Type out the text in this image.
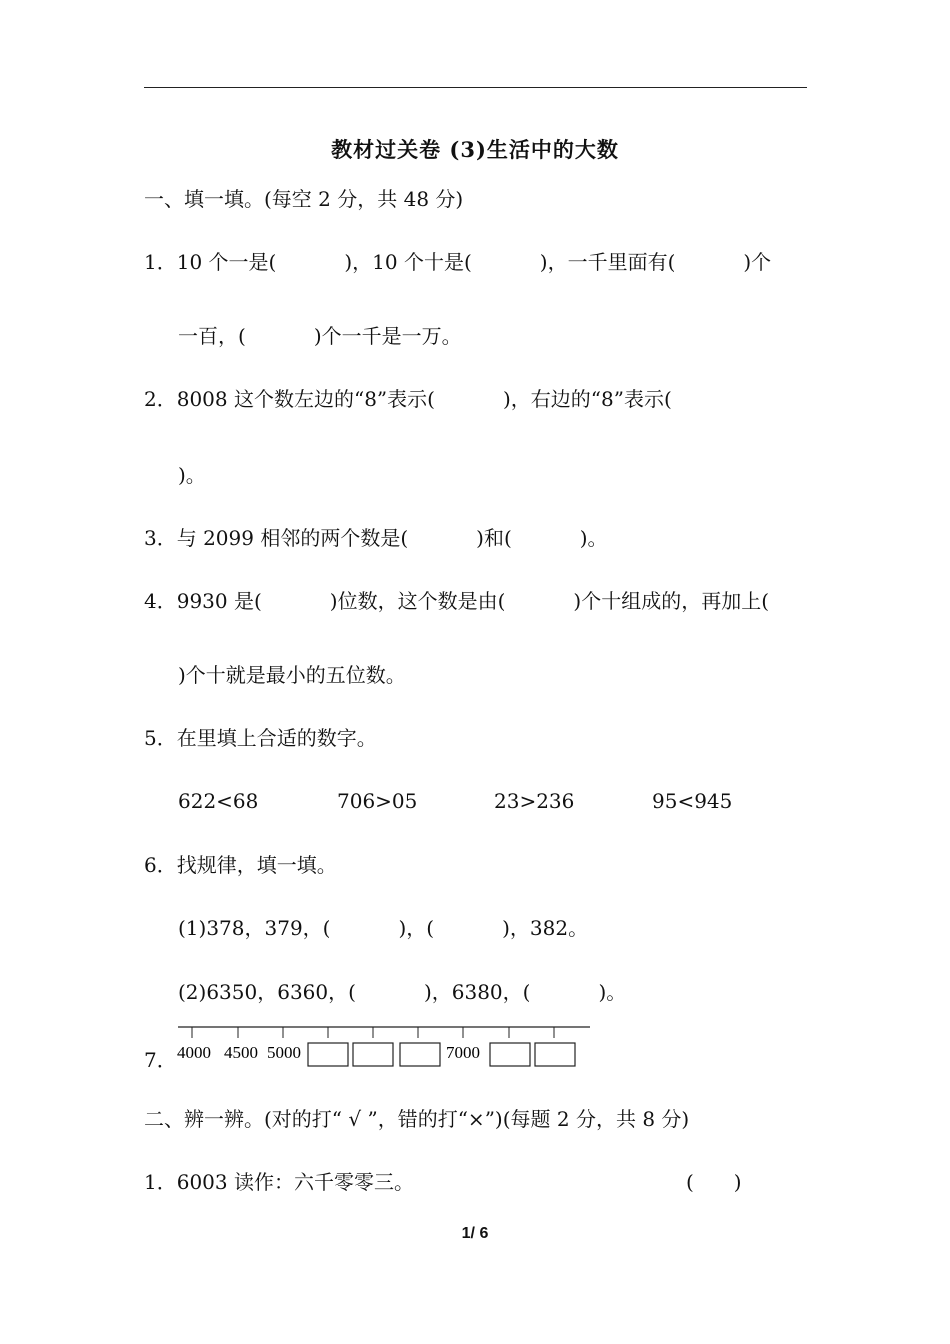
教材过关卷 (3)生活中的大数
一、填一填。(每空 2 分，共 48 分)
1．10 个一是(	)，10 个十是(	)，一千里面有(	)个
一百，(	)个一千是一万。
2．8008 这个数左边的“8”表示(	)，右边的“8”表示(
)。
3．与 2099 相邻的两个数是(	)和(	)。
4．9930 是(	)位数，这个数是由(	)个十组成的，再加上(
)个十就是最小的五位数。
5．在里填上合适的数字。
622<68	706>05	23>236	95<945
6．找规律，填一填。
(1)378，379，(	)，(	)，382。
(2)6350，6360，(	)，6380，(	)。
7． 4000 4500 5000	7000
二、辨一辨。(对的打“ √ ”，错的打“×”)(每题 2 分，共 8 分)
1．6003 读作：六千零零三。	(　　)
1/ 6
